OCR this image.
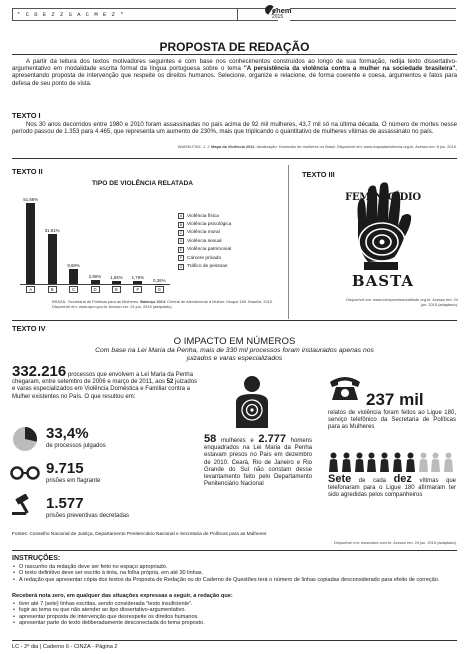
* C D E Z Z S A C M E Z *	enem
2015
PROPOSTA DE REDAÇÃO
A partir da leitura dos textos motivadores seguintes e com base nos conhecimentos construídos ao longo de sua formação, redija texto dissertativo-argumentativo em modalidade escrita formal da língua portuguesa sobre o tema "A persistência da violência contra a mulher na sociedade brasileira", apresentando proposta de intervenção que respeite os direitos humanos. Selecione, organize e relacione, de forma coerente e coesa, argumentos e fatos para defesa de seu ponto de vista.
TEXTO I
Nos 30 anos decorridos entre 1980 e 2010 foram assassinadas no país acima de 92 mil mulheres, 43,7 mil só na última década. O número de mortes nesse período passou de 1.353 para 4.465, que representa um aumento de 230%, mais que triplicando o quantitativo de mulheres vítimas de assassinato no país.
WAISELFISZ, J. J. Mapa da Violência 2012. Atualização: Homicídio de mulheres no Brasil. Disponível em: www.mapadaviolencia.org.br. Acesso em: 8 jun. 2015.
TEXTO II
TIPO DE VIOLÊNCIA RELATADA
51,68%
A
31,81%
B
9,68%
C
2,86%
D
1,94%
E
1,76%
F
0,26%
G
A Violência física
B Violência psicológica
C Violência moral
D Violência sexual
E Violência patrimonial
F	Cárcere privado
G Tráfico de pessoas
BRASIL. Secretaria de Políticas para as Mulheres. Balanço 2014. Central de Atendimento à Mulher: Disque 180. Brasília, 2015. Disponível em: www.spm.gov.br. Acesso em: 24 jun. 2015 (adaptado).
TEXTO III
FEMINICÍDIO
BASTA
Disponível em: www.compromissoeatitude.org.br. Acesso em: 24 jun. 2015 (adaptado).
TEXTO IV
O IMPACTO EM NÚMEROS
Com base na Lei Maria da Penha, mais de 330 mil processos foram instaurados apenas nos juizados e varas especializados
332.216 processos que envolvem a Lei Maria da Penha chegaram, entre setembro de 2006 e março de 2011, aos 52 juizados e varas especializados em Violência Doméstica e Familiar contra a Mulher existentes no País. O que resultou em:
33,4%
de processos julgados
9.715
prisões em flagrante
1.577
prisões preventivas decretadas
58 mulheres e 2.777 homens enquadrados na Lei Maria da Penha estavam presos no País em dezembro de 2010. Ceará, Rio de Janeiro e Rio Grande do Sul não constam desse levantamento feito pelo Departamento Penitenciário Nacional
237 mil
relatos de violência foram feitos ao Ligue 180, serviço telefônico da Secretaria de Políticas para as Mulheres
Sete de cada dez vítimas que telefonaram para o Ligue 180 afirmaram ter sido agredidas pelos companheiros
Fontes: Conselho Nacional de Justiça, Departamento Penitenciário Nacional e Secretaria de Políticas para as Mulheres
Disponível em: www.istoe.com.br. Acesso em: 24 jun. 2015 (adaptado).
INSTRUÇÕES:
• O rascunho da redação deve ser feito no espaço apropriado.
• O texto definitivo deve ser escrito à tinta, na folha própria, em até 30 linhas.
• A redação que apresentar cópia dos textos da Proposta de Redação ou do Caderno de Questões terá o número de linhas copiadas desconsiderado para efeito de correção.
Receberá nota zero, em qualquer das situações expressas a seguir, a redação que:
• tiver até 7 (sete) linhas escritas, sendo considerada "texto insuficiente".
• fugir ao tema ou que não atender ao tipo dissertativo-argumentativo.
• apresentar proposta de intervenção que desrespeite os direitos humanos.
• apresentar parte do texto deliberadamente desconectada do tema proposto.
LC - 2º dia | Caderno 6 - CINZA - Página 2
